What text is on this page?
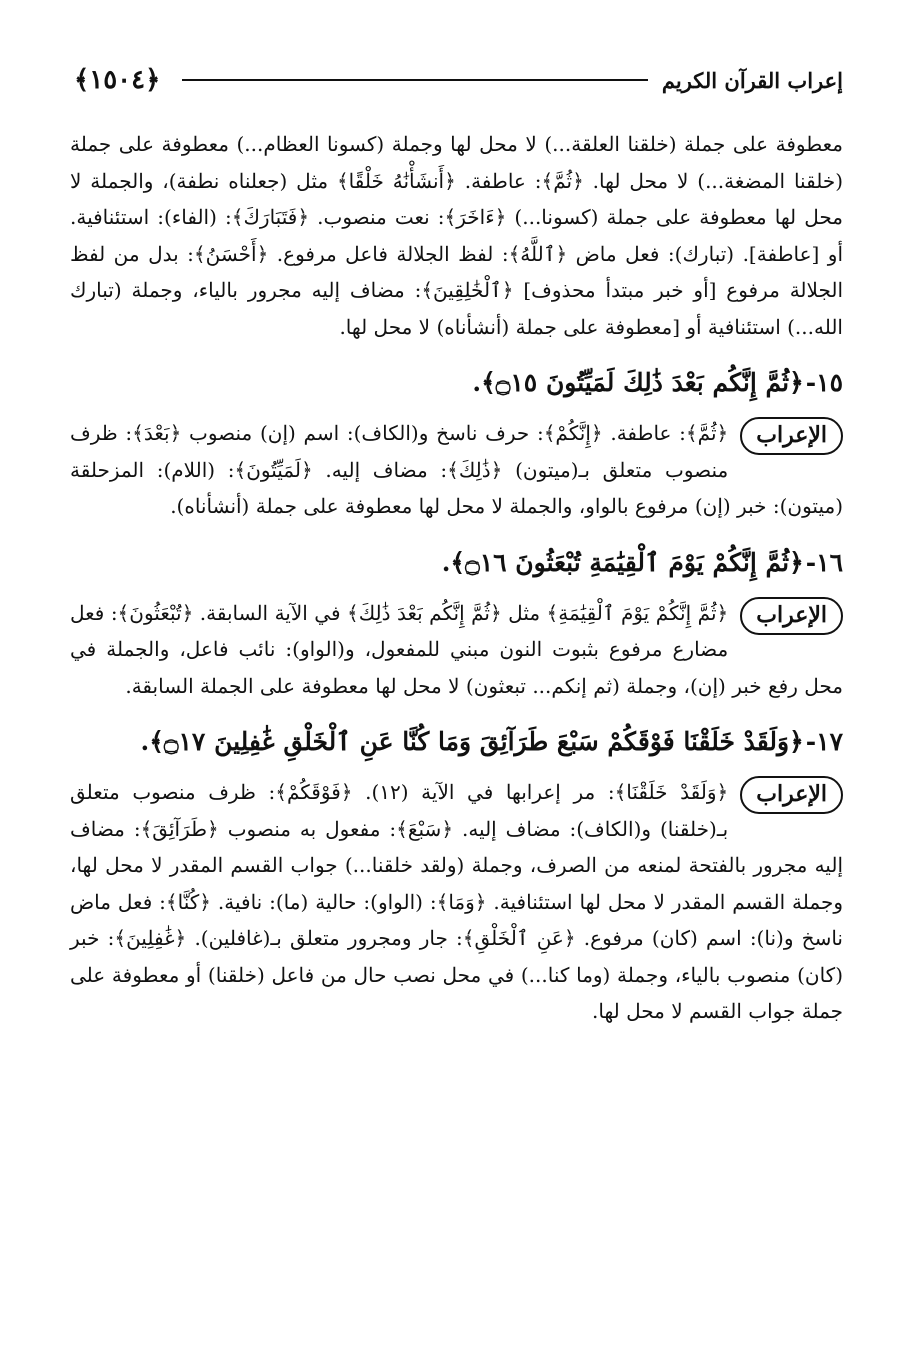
إعراب القرآن الكريم
﴿١٥٠٤﴾

معطوفة على جملة (خلقنا العلقة...) لا محل لها وجملة (كسونا العظام...) معطوفة على جملة (خلقنا المضغة...) لا محل لها. ﴿ثُمَّ﴾: عاطفة. ﴿أَنشَأْنَٰهُ خَلْقًا﴾ مثل (جعلناه نطفة)، والجملة لا محل لها معطوفة على جملة (كسونا...) ﴿ءَاخَرَ﴾: نعت منصوب. ﴿فَتَبَارَكَ﴾: (الفاء): استئنافية. أو [عاطفة]. (تبارك): فعل ماض ﴿ٱللَّهُ﴾: لفظ الجلالة فاعل مرفوع. ﴿أَحْسَنُ﴾: بدل من لفظ الجلالة مرفوع [أو خبر مبتدأ محذوف] ﴿ٱلْخَٰلِقِينَ﴾: مضاف إليه مجرور بالياء، وجملة (تبارك الله...) استئنافية أو [معطوفة على جملة (أنشأناه) لا محل لها.

١٥-﴿ثُمَّ إِنَّكُم بَعْدَ ذَٰلِكَ لَمَيِّتُونَ ۝١٥﴾.

الإعراب
﴿ثُمَّ﴾: عاطفة. ﴿إِنَّكُمْ﴾: حرف ناسخ و(الكاف): اسم (إن) منصوب ﴿بَعْدَ﴾: ظرف منصوب متعلق بـ(ميتون) ﴿ذَٰلِكَ﴾: مضاف إليه. ﴿لَمَيِّتُونَ﴾: (اللام): المزحلقة (ميتون): خبر (إن) مرفوع بالواو، والجملة لا محل لها معطوفة على جملة (أنشأناه).

١٦-﴿ثُمَّ إِنَّكُمْ يَوْمَ ٱلْقِيَٰمَةِ تُبْعَثُونَ ۝١٦﴾.

الإعراب
﴿ثُمَّ إِنَّكُمْ يَوْمَ ٱلْقِيَٰمَةِ﴾ مثل ﴿ثُمَّ إِنَّكُم بَعْدَ ذَٰلِكَ﴾ في الآية السابقة. ﴿تُبْعَثُونَ﴾: فعل مضارع مرفوع بثبوت النون مبني للمفعول، و(الواو): نائب فاعل، والجملة في محل رفع خبر (إن)، وجملة (ثم إنكم... تبعثون) لا محل لها معطوفة على الجملة السابقة.

١٧-﴿وَلَقَدْ خَلَقْنَا فَوْقَكُمْ سَبْعَ طَرَآئِقَ وَمَا كُنَّا عَنِ ٱلْخَلْقِ غَٰفِلِينَ ۝١٧﴾.

الإعراب
﴿وَلَقَدْ خَلَقْنَا﴾: مر إعرابها في الآية (١٢). ﴿فَوْقَكُمْ﴾: ظرف منصوب متعلق بـ(خلقنا) و(الكاف): مضاف إليه. ﴿سَبْعَ﴾: مفعول به منصوب ﴿طَرَآئِقَ﴾: مضاف إليه مجرور بالفتحة لمنعه من الصرف، وجملة (ولقد خلقنا...) جواب القسم المقدر لا محل لها، وجملة القسم المقدر لا محل لها استئنافية. ﴿وَمَا﴾: (الواو): حالية (ما): نافية. ﴿كُنَّا﴾: فعل ماض ناسخ و(نا): اسم (كان) مرفوع. ﴿عَنِ ٱلْخَلْقِ﴾: جار ومجرور متعلق بـ(غافلين). ﴿غَٰفِلِينَ﴾: خبر (كان) منصوب بالياء، وجملة (وما كنا...) في محل نصب حال من فاعل (خلقنا) أو معطوفة على جملة جواب القسم لا محل لها.
